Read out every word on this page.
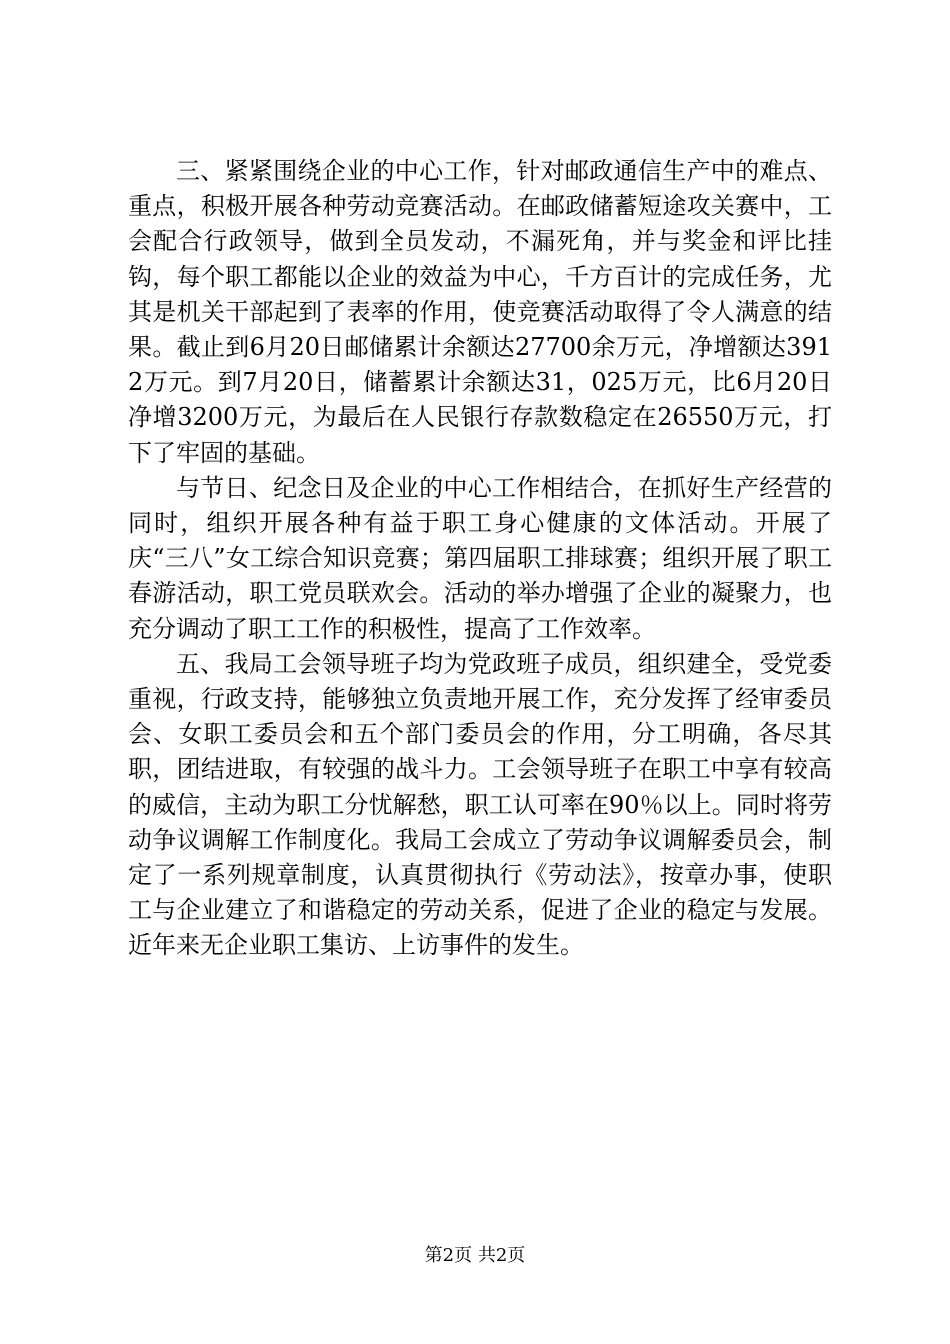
三、紧紧围绕企业的中心工作，针对邮政通信生产中的难点、重点，积极开展各种劳动竞赛活动。在邮政储蓄短途攻关赛中，工会配合行政领导，做到全员发动，不漏死角，并与奖金和评比挂钩，每个职工都能以企业的效益为中心，千方百计的完成任务，尤其是机关干部起到了表率的作用，使竞赛活动取得了令人满意的结果。截止到6月20日邮储累计余额达27700余万元，净增额达3912万元。到7月20日，储蓄累计余额达31，025万元，比6月20日净增3200万元，为最后在人民银行存款数稳定在26550万元，打下了牢固的基础。

与节日、纪念日及企业的中心工作相结合，在抓好生产经营的同时，组织开展各种有益于职工身心健康的文体活动。开展了庆“三八”女工综合知识竞赛；第四届职工排球赛；组织开展了职工春游活动，职工党员联欢会。活动的举办增强了企业的凝聚力，也充分调动了职工工作的积极性，提高了工作效率。

五、我局工会领导班子均为党政班子成员，组织建全，受党委重视，行政支持，能够独立负责地开展工作，充分发挥了经审委员会、女职工委员会和五个部门委员会的作用，分工明确，各尽其职，团结进取，有较强的战斗力。工会领导班子在职工中享有较高的威信，主动为职工分忧解愁，职工认可率在90％以上。同时将劳动争议调解工作制度化。我局工会成立了劳动争议调解委员会，制定了一系列规章制度，认真贯彻执行《劳动法》，按章办事，使职工与企业建立了和谐稳定的劳动关系，促进了企业的稳定与发展。近年来无企业职工集访、上访事件的发生。

第2页 共2页
